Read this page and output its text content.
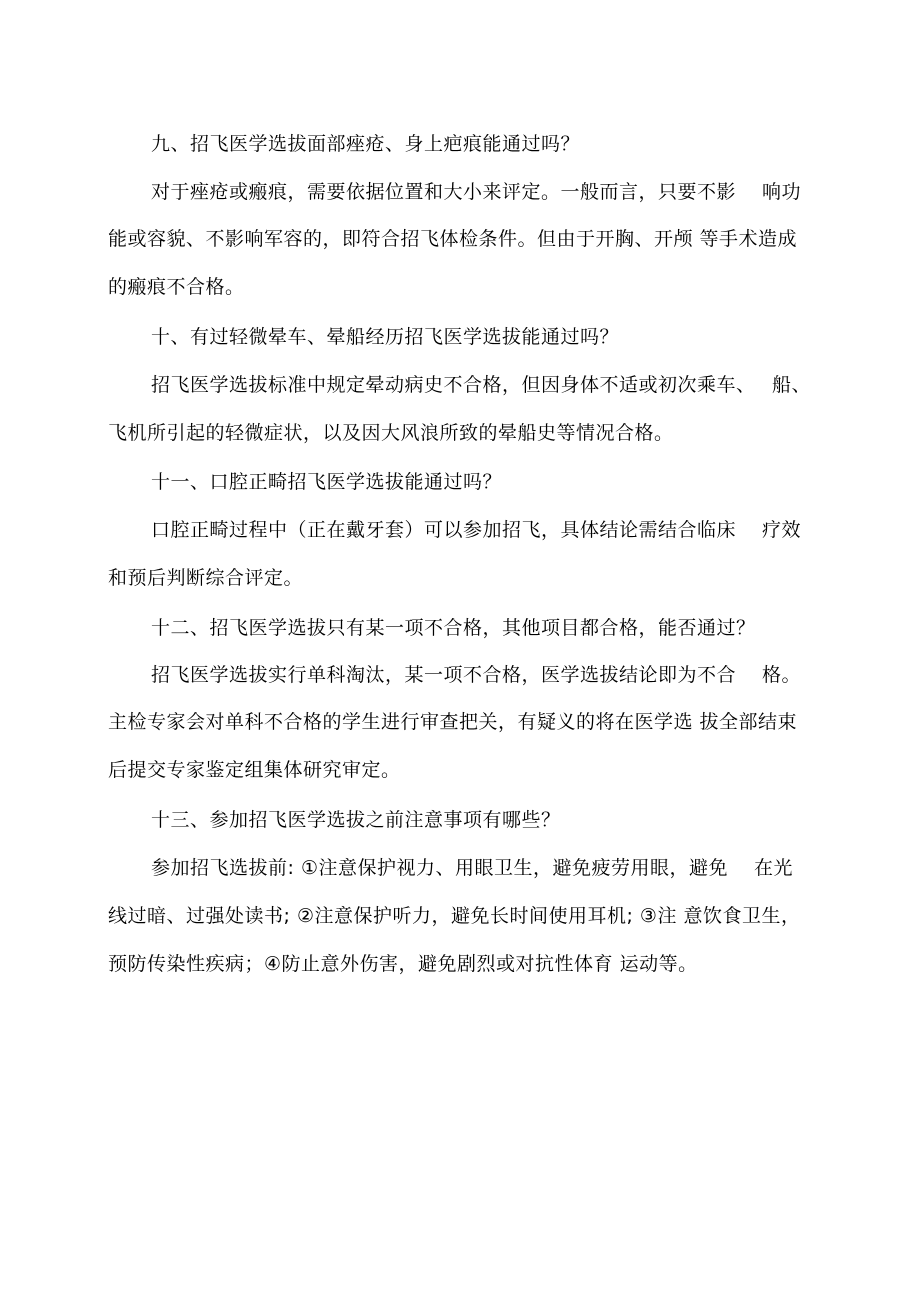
九、招飞医学选拔面部痤疮、身上疤痕能通过吗？
对于痤疮或瘢痕，需要依据位置和大小来评定。一般而言，只要不影　 响功
能或容貌、不影响军容的，即符合招飞体检条件。但由于开胸、开颅 等手术造成
的瘢痕不合格。
十、有过轻微晕车、晕船经历招飞医学选拔能通过吗？
招飞医学选拔标准中规定晕动病史不合格，但因身体不适或初次乘车、　 船、
飞机所引起的轻微症状，以及因大风浪所致的晕船史等情况合格。
十一、口腔正畸招飞医学选拔能通过吗？
口腔正畸过程中（正在戴牙套）可以参加招飞，具体结论需结合临床　 疗效
和预后判断综合评定。
十二、招飞医学选拔只有某一项不合格，其他项目都合格，能否通过？
招飞医学选拔实行单科淘汰，某一项不合格，医学选拔结论即为不合　 格。
主检专家会对单科不合格的学生进行审查把关，有疑义的将在医学选 拔全部结束
后提交专家鉴定组集体研究审定。
十三、参加招飞医学选拔之前注意事项有哪些？
参加招飞选拔前: ①注意保护视力、用眼卫生，避免疲劳用眼，避免　 在光
线过暗、过强处读书; ②注意保护听力，避免长时间使用耳机; ③注 意饮食卫生，
预防传染性疾病；④防止意外伤害，避免剧烈或对抗性体育 运动等。
